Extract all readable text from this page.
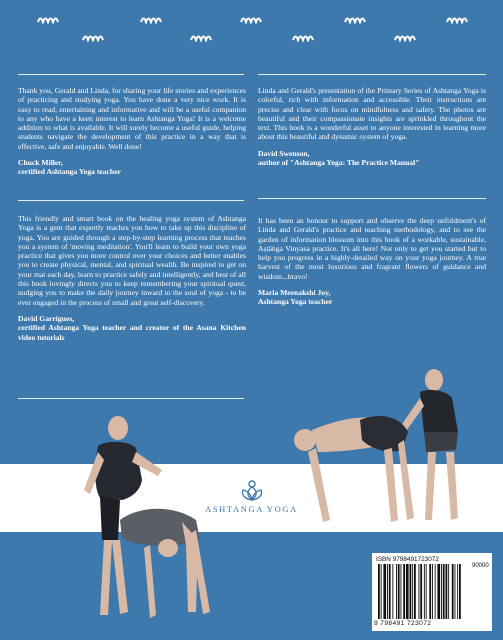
Thank you, Gerald and Linda, for sharing your life stories and experiences of practicing and studying yoga. You have done a very nice work. It is easy to read, entertaining and informative and will be a useful companion to any who have a keen interest to learn Ashtanga Yoga! It is a welcome addition to what is available. It will surely become a useful guide, helping students navigate the development of this practice in a way that is effective, safe and enjoyable. Well done!
Chuck Miller,
certified Ashtanga Yoga teacher
This friendly and smart book on the healing yoga system of Ashtanga Yoga is a gem that expertly teaches you how to take up this discipline of yoga. You are guided through a step-by-step learning process that teaches you a system of 'moving meditation'. You'll learn to build your own yoga practice that gives you more control over your choices and better enables you to create physical, mental, and spiritual wealth. Be inspired to get on your mat each day, learn to practice safely and intelligently, and best of all this book lovingly directs you to keep remembering your spiritual quest, nudging you to make the daily journey inward to the soul of yoga - to be ever engaged in the process of small and great self-discovery.
David Garrigues,
certified Ashtanga Yoga teacher and creator of the Asana Kitchen video tutorials
Linda and Gerald's presentation of the Primary Series of Ashtanga Yoga is colorful, rich with information and accessible. Their instructions are precise and clear with focus on mindfulness and safety. The photos are beautiful and their compassionate insights are sprinkled throughout the text. This book is a wonderful asset to anyone interested in learning more about this beautiful and dynamic system of yoga.
David Swenson,
author of "Ashtanga Yoga: The Practice Manual"
It has been an honour to support and observe the deep unfoldment's of Linda and Gerald's practice and teaching methodology, and to see the garden of information blossom into this book of a workable, sustainable, Aṣṭāṅga Vinyasa practice. It's all here! Not only to get you started but to help you progress in a highly-detailed way on your yoga journey. A true harvest of the most luxurious and fragrant flowers of guidance and wisdom...bravo!
Maria Meenakshi Joy,
Ashtanga Yoga teacher
ASHTANGA YOGA
ISBN 9798491723072
90000
9 798491 723072
